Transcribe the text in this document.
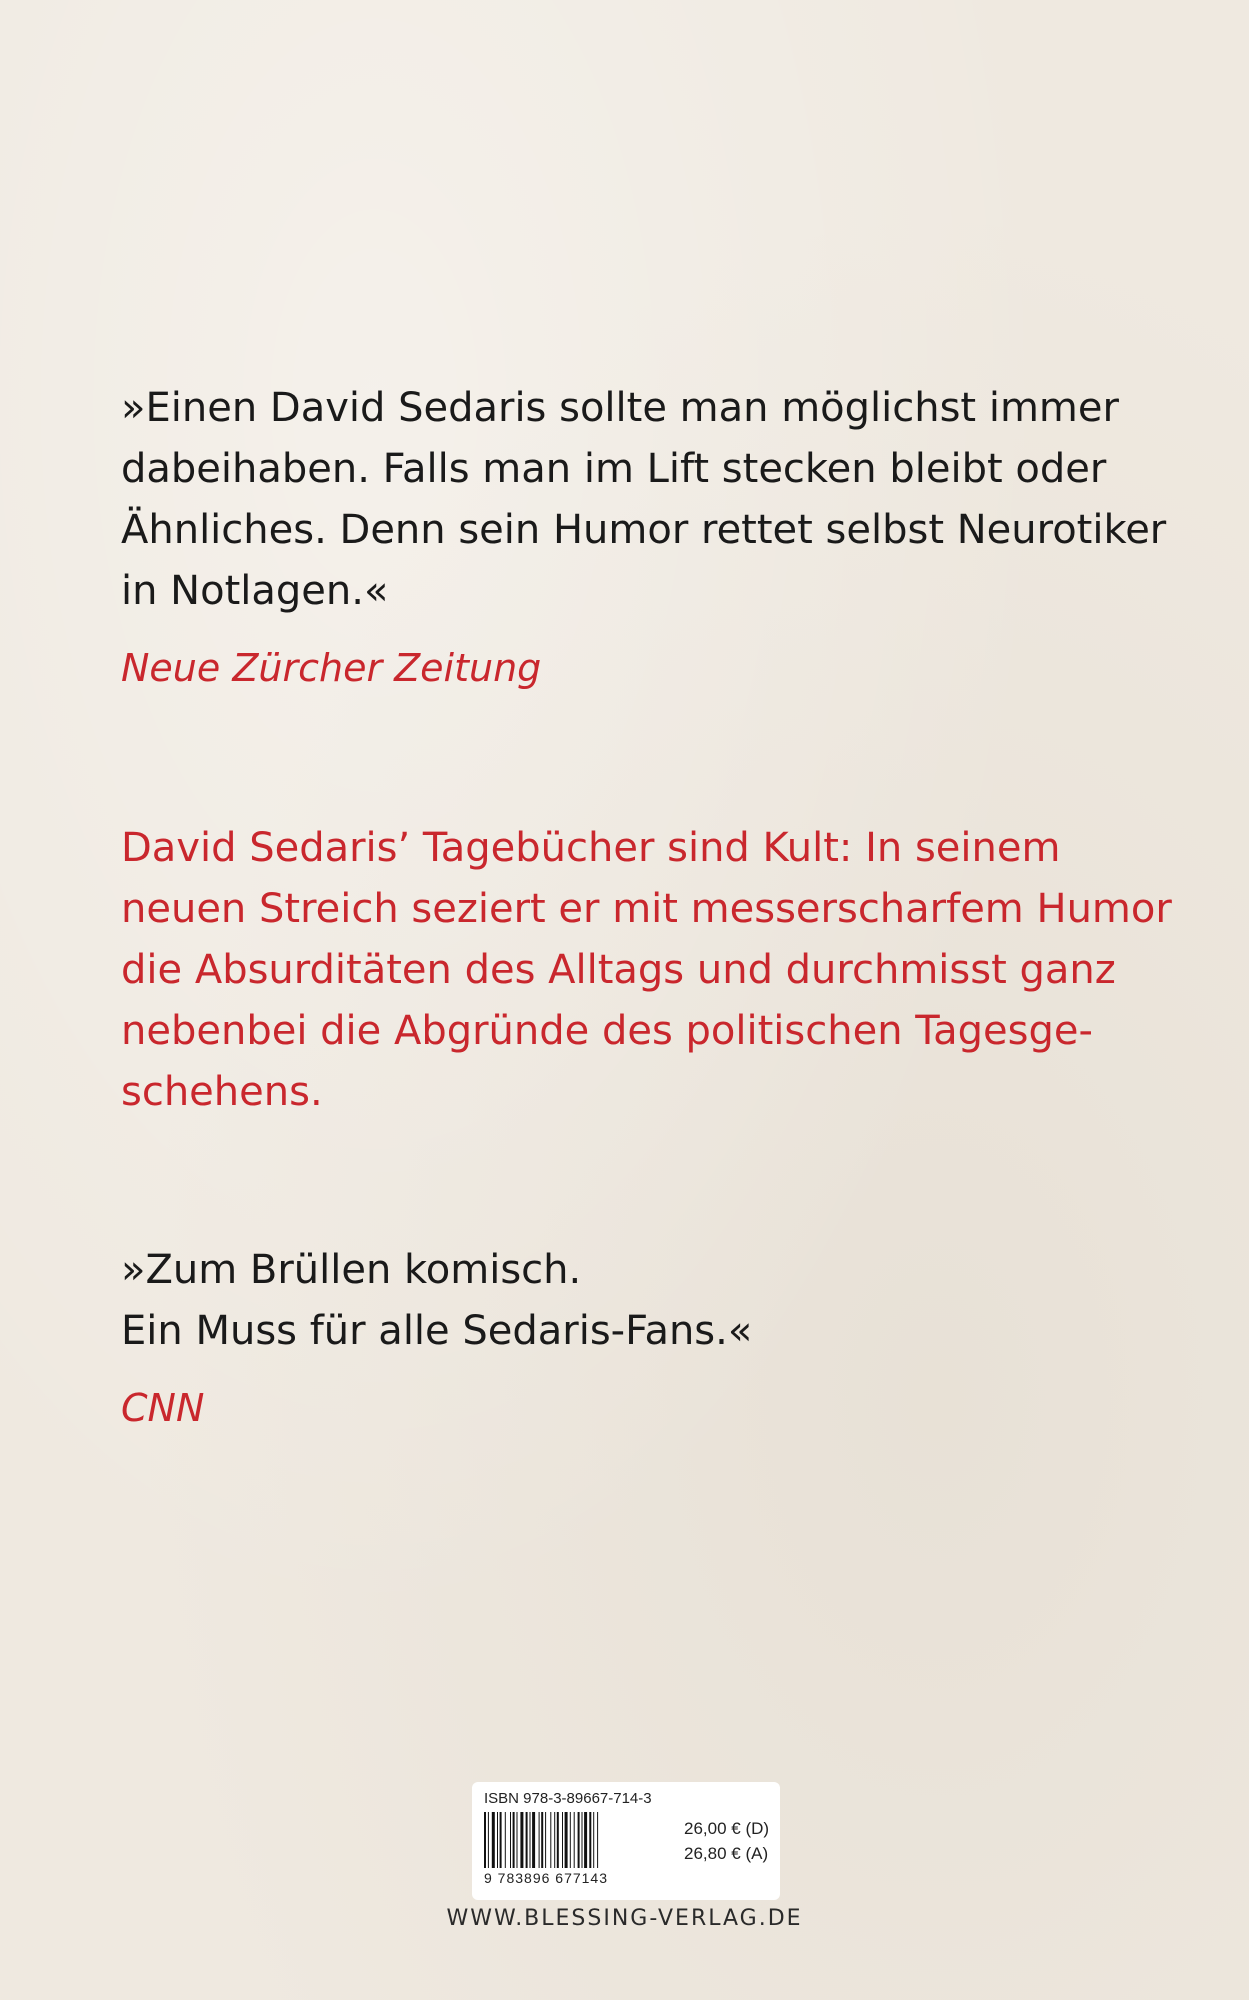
»Einen David Sedaris sollte man möglichst immer
dabeihaben. Falls man im Lift stecken bleibt oder
Ähnliches. Denn sein Humor rettet selbst Neurotiker
in Notlagen.«
Neue Zürcher Zeitung
David Sedaris’ Tagebücher sind Kult: In seinem
neuen Streich seziert er mit messerscharfem Humor
die Absurditäten des Alltags und durchmisst ganz
nebenbei die Abgründe des politischen Tagesge-
schehens.
»Zum Brüllen komisch.
Ein Muss für alle Sedaris-Fans.«
CNN
ISBN 978-3-89667-714-3
9 783896 677143
26,00 € (D)
26,80 € (A)
WWW.BLESSING-VERLAG.DE
